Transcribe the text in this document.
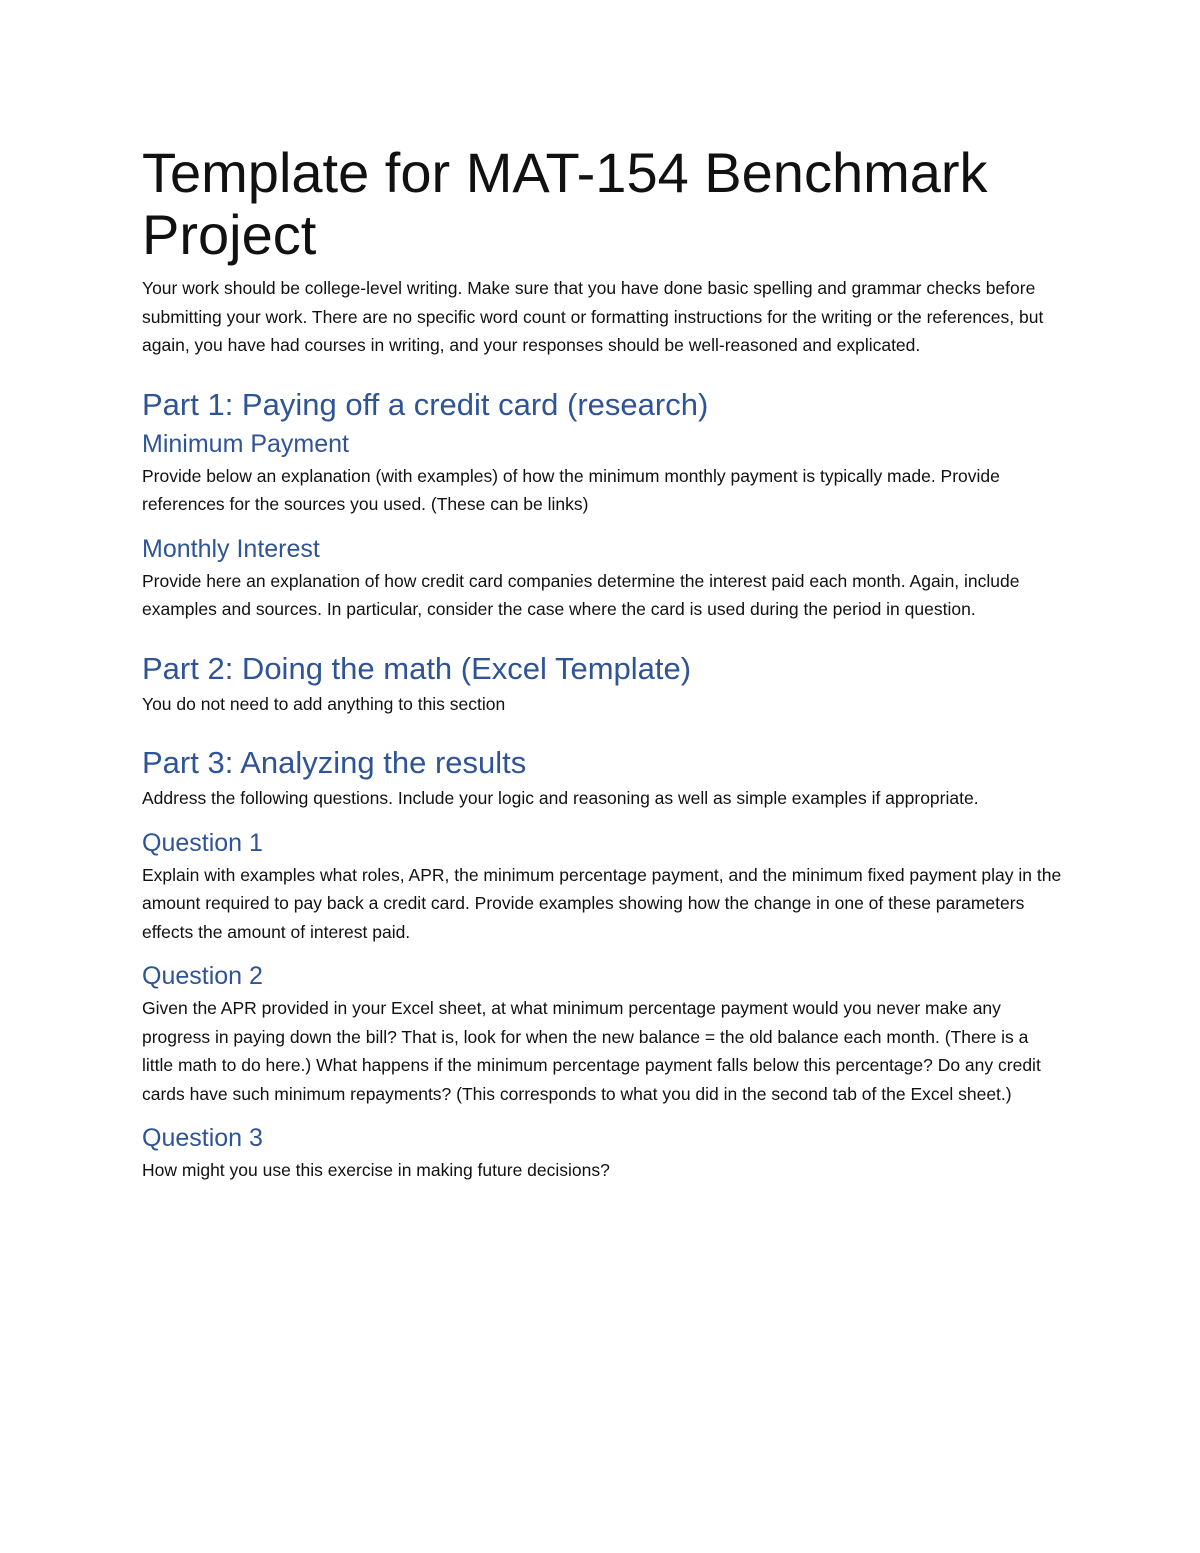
Template for MAT-154 Benchmark Project

Your work should be college-level writing. Make sure that you have done basic spelling and grammar checks before submitting your work. There are no specific word count or formatting instructions for the writing or the references, but again, you have had courses in writing, and your responses should be well-reasoned and explicated.

Part 1: Paying off a credit card (research)
Minimum Payment

Provide below an explanation (with examples) of how the minimum monthly payment is typically made. Provide references for the sources you used. (These can be links)

Monthly Interest

Provide here an explanation of how credit card companies determine the interest paid each month. Again, include examples and sources. In particular, consider the case where the card is used during the period in question.

Part 2: Doing the math (Excel Template)

You do not need to add anything to this section

Part 3: Analyzing the results

Address the following questions. Include your logic and reasoning as well as simple examples if appropriate.

Question 1

Explain with examples what roles, APR, the minimum percentage payment, and the minimum fixed payment play in the amount required to pay back a credit card. Provide examples showing how the change in one of these parameters effects the amount of interest paid.

Question 2

Given the APR provided in your Excel sheet, at what minimum percentage payment would you never make any progress in paying down the bill? That is, look for when the new balance = the old balance each month. (There is a little math to do here.) What happens if the minimum percentage payment falls below this percentage? Do any credit cards have such minimum repayments? (This corresponds to what you did in the second tab of the Excel sheet.)

Question 3

How might you use this exercise in making future decisions?
